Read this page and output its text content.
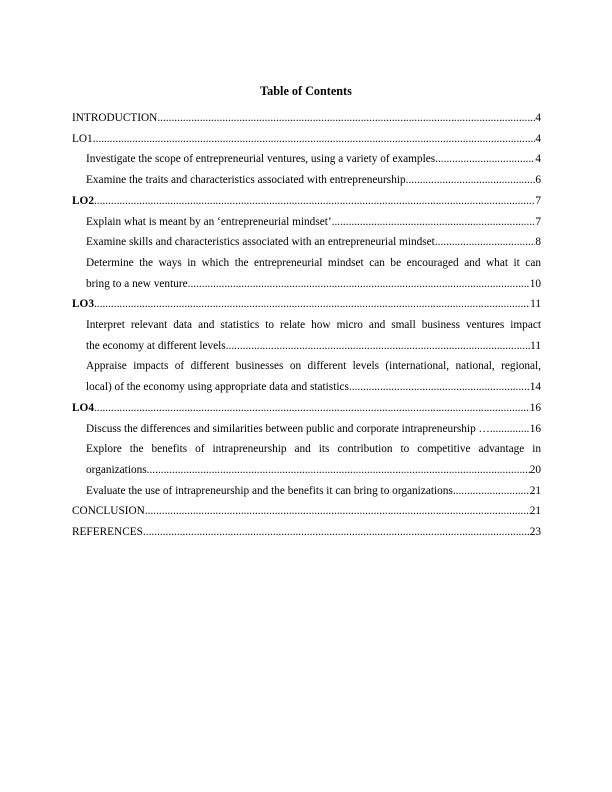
Table of Contents
INTRODUCTION .....	4
LO1 .....	4
Investigate the scope of entrepreneurial ventures, using a variety of examples .....	4
Examine the traits and characteristics associated with entrepreneurship .....	6
LO2 .....	7
Explain what is meant by an ‘entrepreneurial mindset’ .....	7
Examine skills and characteristics associated with an entrepreneurial mindset .....	8
Determine the ways in which the entrepreneurial mindset can be encouraged and what it can
bring to a new venture .....	10
LO3 .....	11
Interpret relevant data and statistics to relate how micro and small business ventures impact
the economy at different levels .....	11
Appraise impacts of different businesses on different levels (international, national, regional,
local) of the economy using appropriate data and statistics .....	14
LO4 .....	16
Discuss the differences and similarities between public and corporate intrapreneurship … .....	16
Explore the benefits of intrapreneurship and its contribution to competitive advantage in
organizations .....	20
Evaluate the use of intrapreneurship and the benefits it can bring to organizations .....	21
CONCLUSION .....	21
REFERENCES .....	23
